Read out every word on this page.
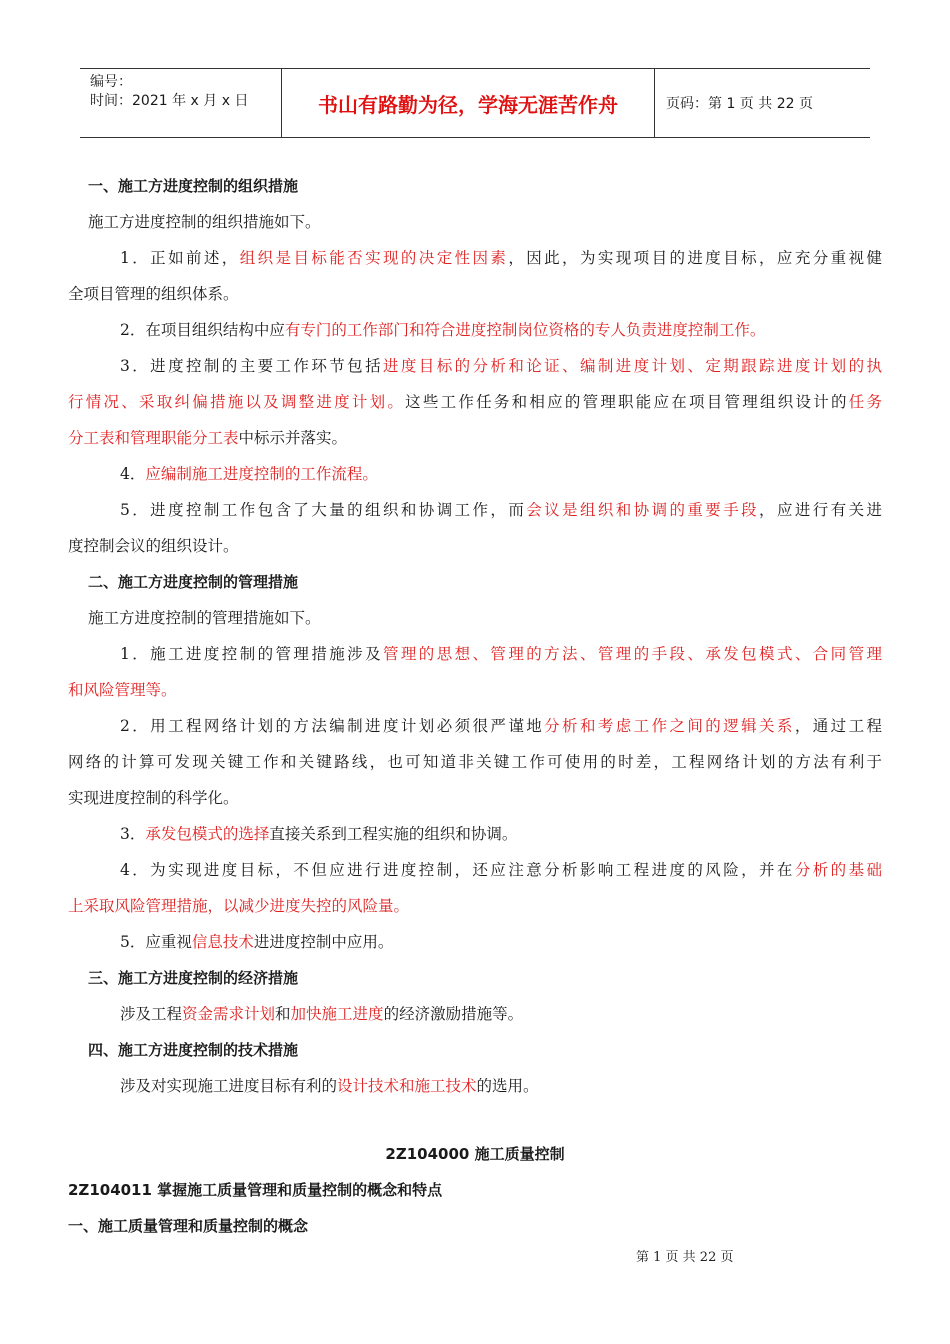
编号：
时间：2021 年 x 月 x 日	书山有路勤为径，学海无涯苦作舟	页码：第 1 页 共 22 页
一、施工方进度控制的组织措施
施工方进度控制的组织措施如下。
1．正如前述，组织是目标能否实现的决定性因素，因此，为实现项目的进度目标，应充分重视健
全项目管理的组织体系。
2．在项目组织结构中应有专门的工作部门和符合进度控制岗位资格的专人负责进度控制工作。
3．进度控制的主要工作环节包括进度目标的分析和论证、编制进度计划、定期跟踪进度计划的执
行情况、采取纠偏措施以及调整进度计划。这些工作任务和相应的管理职能应在项目管理组织设计的任务
分工表和管理职能分工表中标示并落实。
4．应编制施工进度控制的工作流程。
5．进度控制工作包含了大量的组织和协调工作，而会议是组织和协调的重要手段，应进行有关进
度控制会议的组织设计。
二、施工方进度控制的管理措施
施工方进度控制的管理措施如下。
1．施工进度控制的管理措施涉及管理的思想、管理的方法、管理的手段、承发包模式、合同管理
和风险管理等。
2．用工程网络计划的方法编制进度计划必须很严谨地分析和考虑工作之间的逻辑关系，通过工程
网络的计算可发现关键工作和关键路线，也可知道非关键工作可使用的时差，工程网络计划的方法有利于
实现进度控制的科学化。
3．承发包模式的选择直接关系到工程实施的组织和协调。
4．为实现进度目标，不但应进行进度控制，还应注意分析影响工程进度的风险，并在分析的基础
上采取风险管理措施，以减少进度失控的风险量。
5．应重视信息技术进进度控制中应用。
三、施工方进度控制的经济措施
涉及工程资金需求计划和加快施工进度的经济激励措施等。
四、施工方进度控制的技术措施
涉及对实现施工进度目标有利的设计技术和施工技术的选用。
2Z104000 施工质量控制
2Z104011 掌握施工质量管理和质量控制的概念和特点
一、施工质量管理和质量控制的概念
第 1 页 共 22 页
